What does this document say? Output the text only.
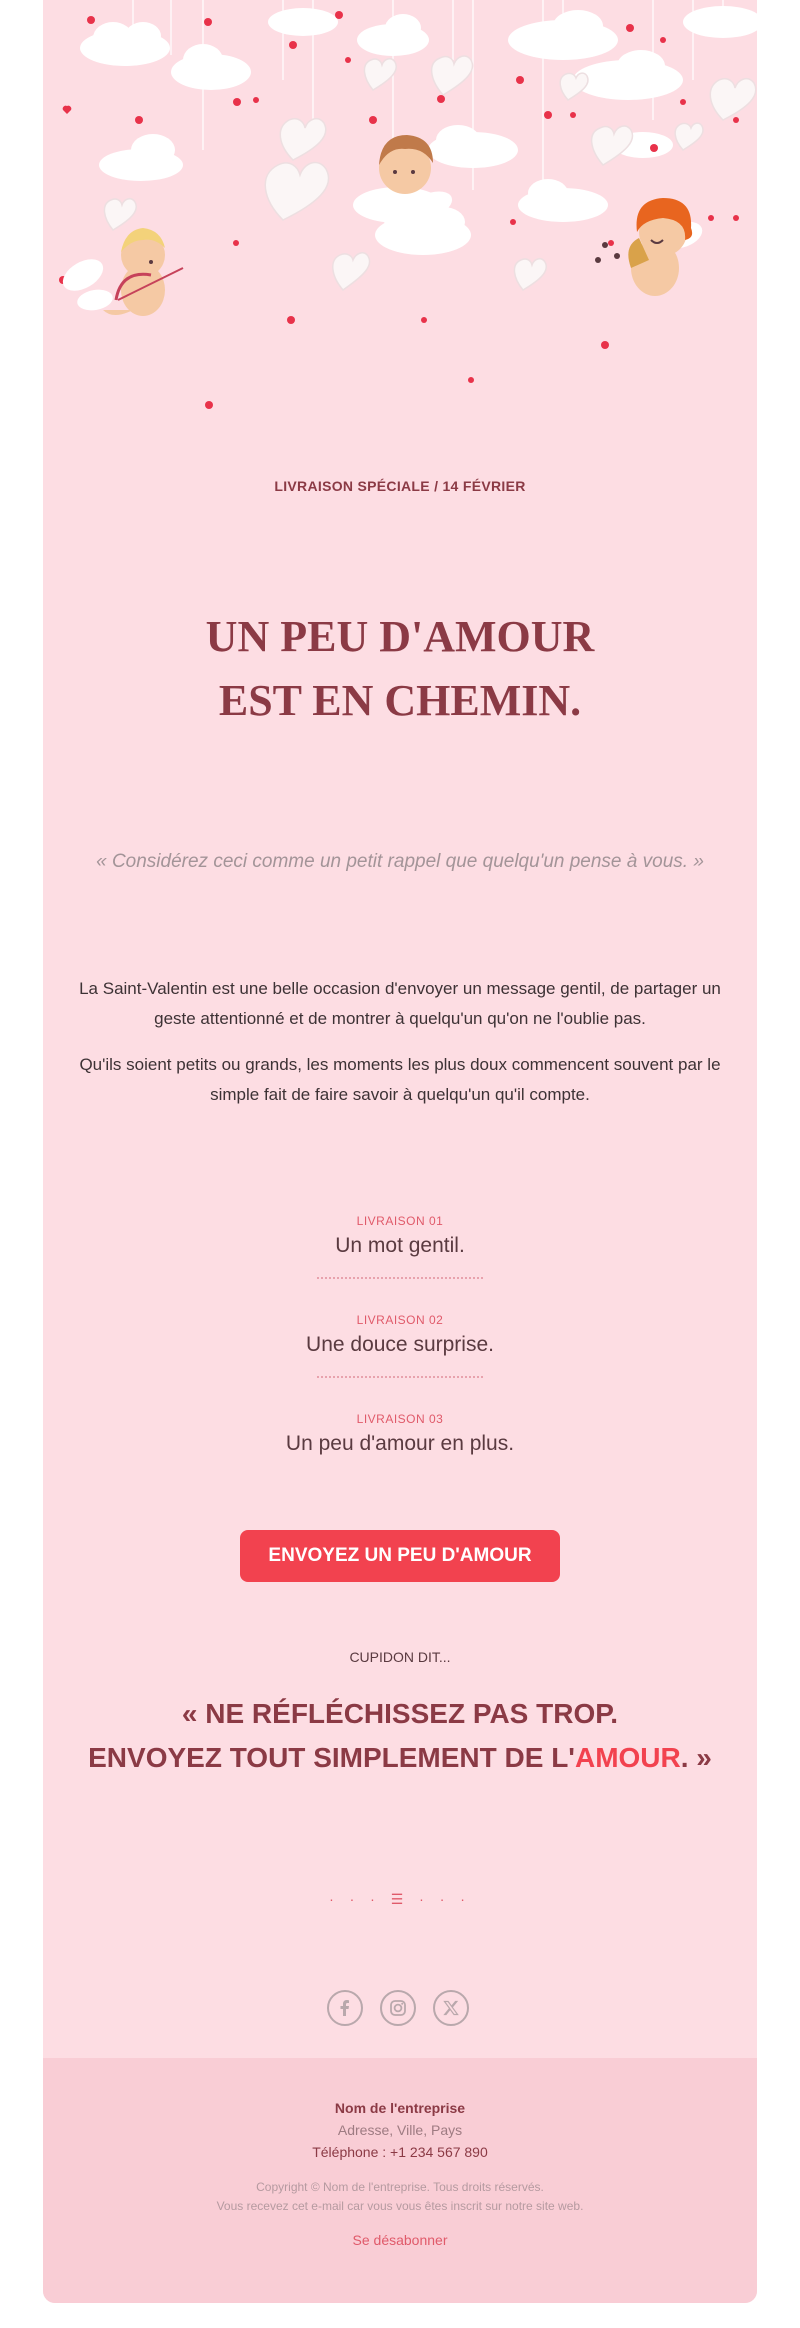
LIVRAISON SPÉCIALE / 14 FÉVRIER
UN PEU D'AMOUR
EST EN CHEMIN.
« Considérez ceci comme un petit rappel que quelqu'un pense à vous. »
La Saint-Valentin est une belle occasion d'envoyer un message gentil, de partager un geste attentionné et de montrer à quelqu'un qu'on ne l'oublie pas.
Qu'ils soient petits ou grands, les moments les plus doux commencent souvent par le simple fait de faire savoir à quelqu'un qu'il compte.
LIVRAISON 01
Un mot gentil.
LIVRAISON 02
Une douce surprise.
LIVRAISON 03
Un peu d'amour en plus.
ENVOYEZ UN PEU D'AMOUR
CUPIDON DIT...
« NE RÉFLÉCHISSEZ PAS TROP.
ENVOYEZ TOUT SIMPLEMENT DE L'AMOUR. »
· · · ☰ · · ·
Nom de l'entreprise
Adresse, Ville, Pays
Téléphone : +1 234 567 890
Copyright © Nom de l'entreprise. Tous droits réservés.
Vous recevez cet e-mail car vous vous êtes inscrit sur notre site web.
Se désabonner
